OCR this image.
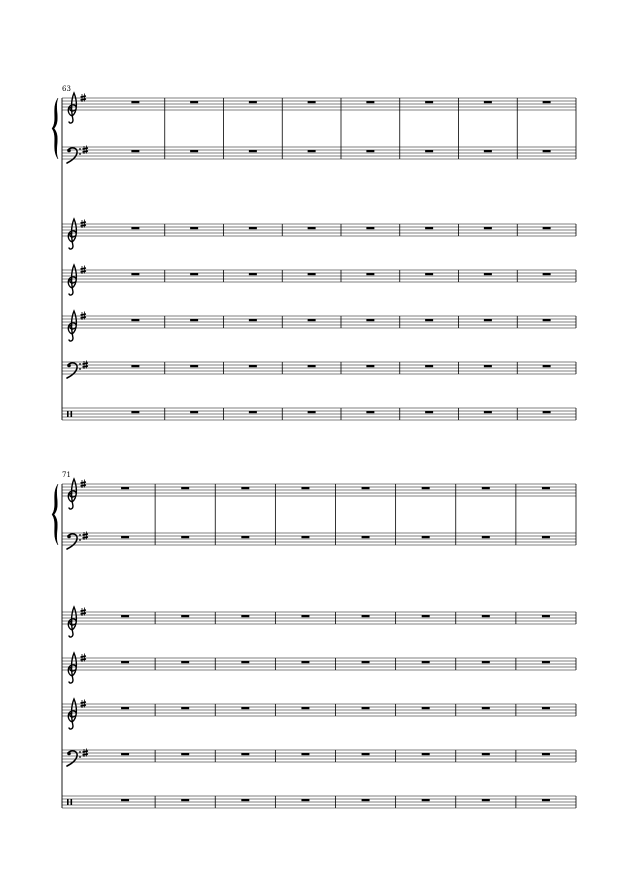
63
71
